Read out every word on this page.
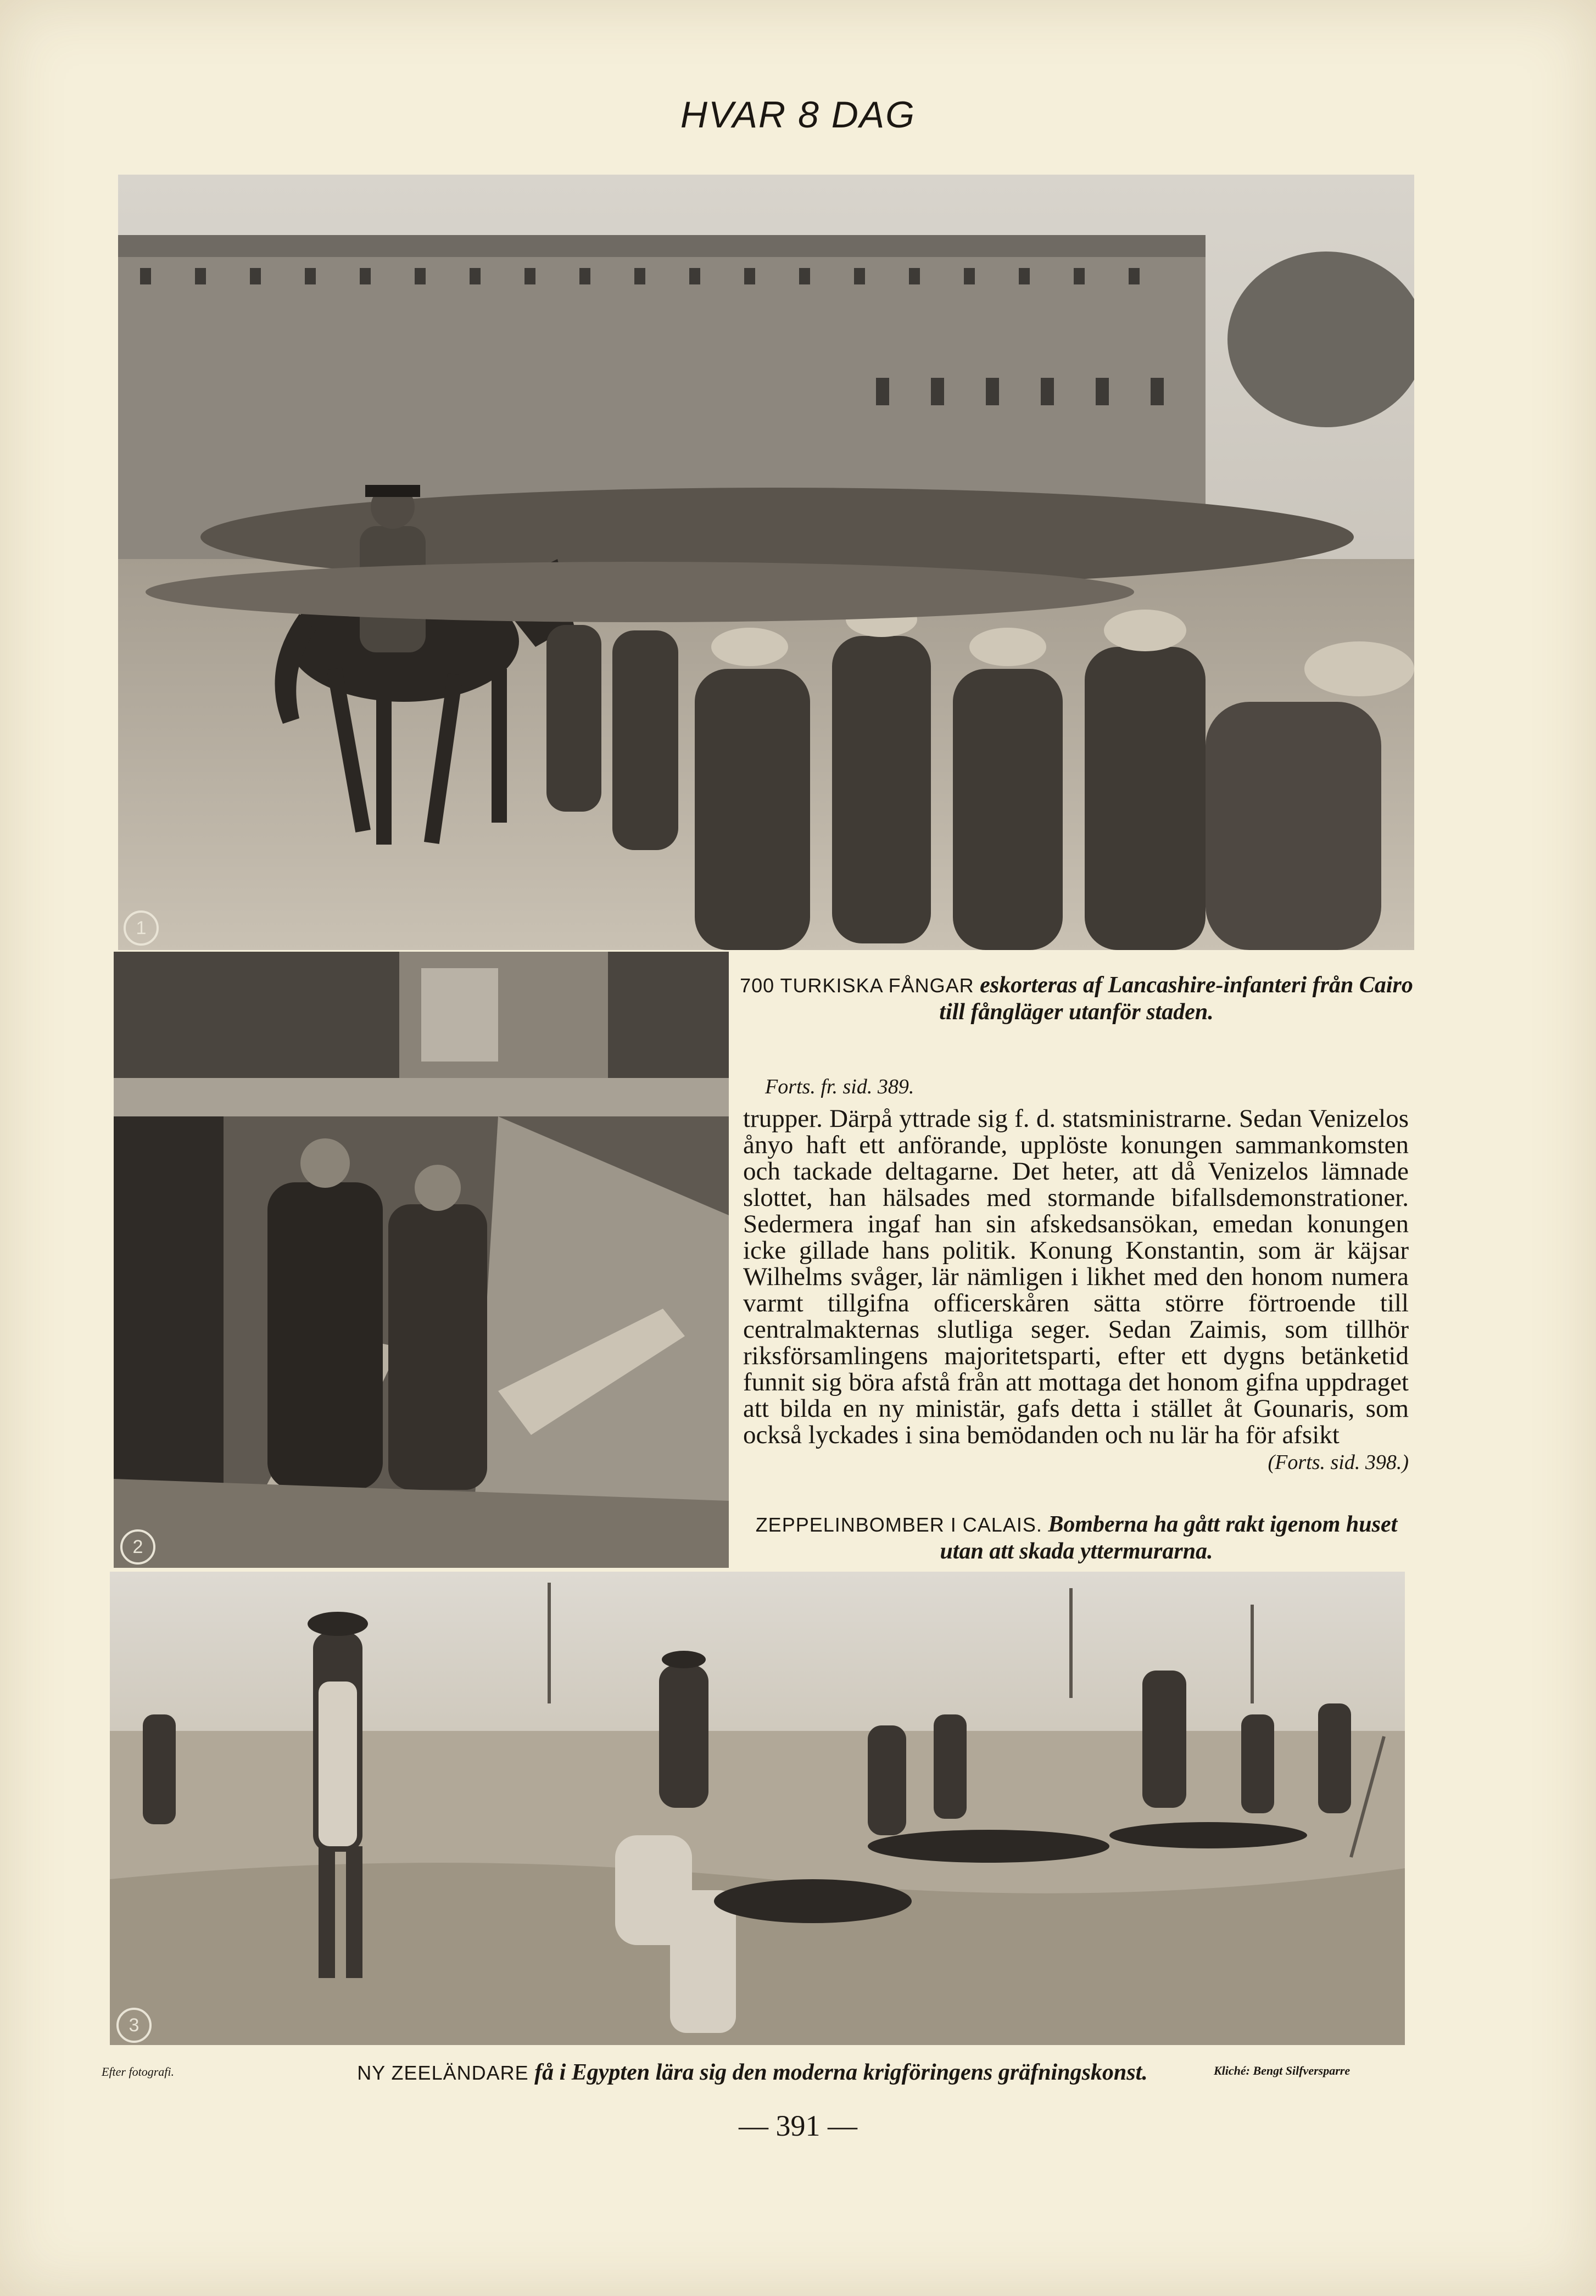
HVAR 8 DAG
1
2
700 TURKISKA FÅNGAR eskorteras af Lancashire-infanteri från Cairo till fångläger utanför staden.
Forts. fr. sid. 389.

trupper. Därpå yttrade sig f. d. statsministrarne. Sedan Venizelos ånyo haft ett anförande, upplöste konungen sammankomsten och tackade deltagarne. Det heter, att då Venizelos lämnade slottet, han hälsades med stormande bifallsdemonstrationer. Sedermera ingaf han sin afskedsansökan, emedan konungen icke gillade hans politik. Konung Konstantin, som är käjsar Wilhelms svåger, lär nämligen i likhet med den honom numera varmt tillgifna officerskåren sätta större förtroende till centralmakternas slutliga seger. Sedan Zaimis, som tillhör riksförsamlingens majoritetsparti, efter ett dygns betänketid funnit sig böra afstå från att mottaga det honom gifna uppdraget att bilda en ny ministär, gafs detta i stället åt Gounaris, som också lyckades i sina bemödanden och nu lär ha för afsikt

(Forts. sid. 398.)
ZEPPELINBOMBER I CALAIS. Bomberna ha gått rakt igenom huset utan att skada yttermurarna.
3
Efter fotografi.	NY ZEELÄNDARE få i Egypten lära sig den moderna krigföringens gräfningskonst.	Kliché: Bengt Silfversparre
— 391 —
